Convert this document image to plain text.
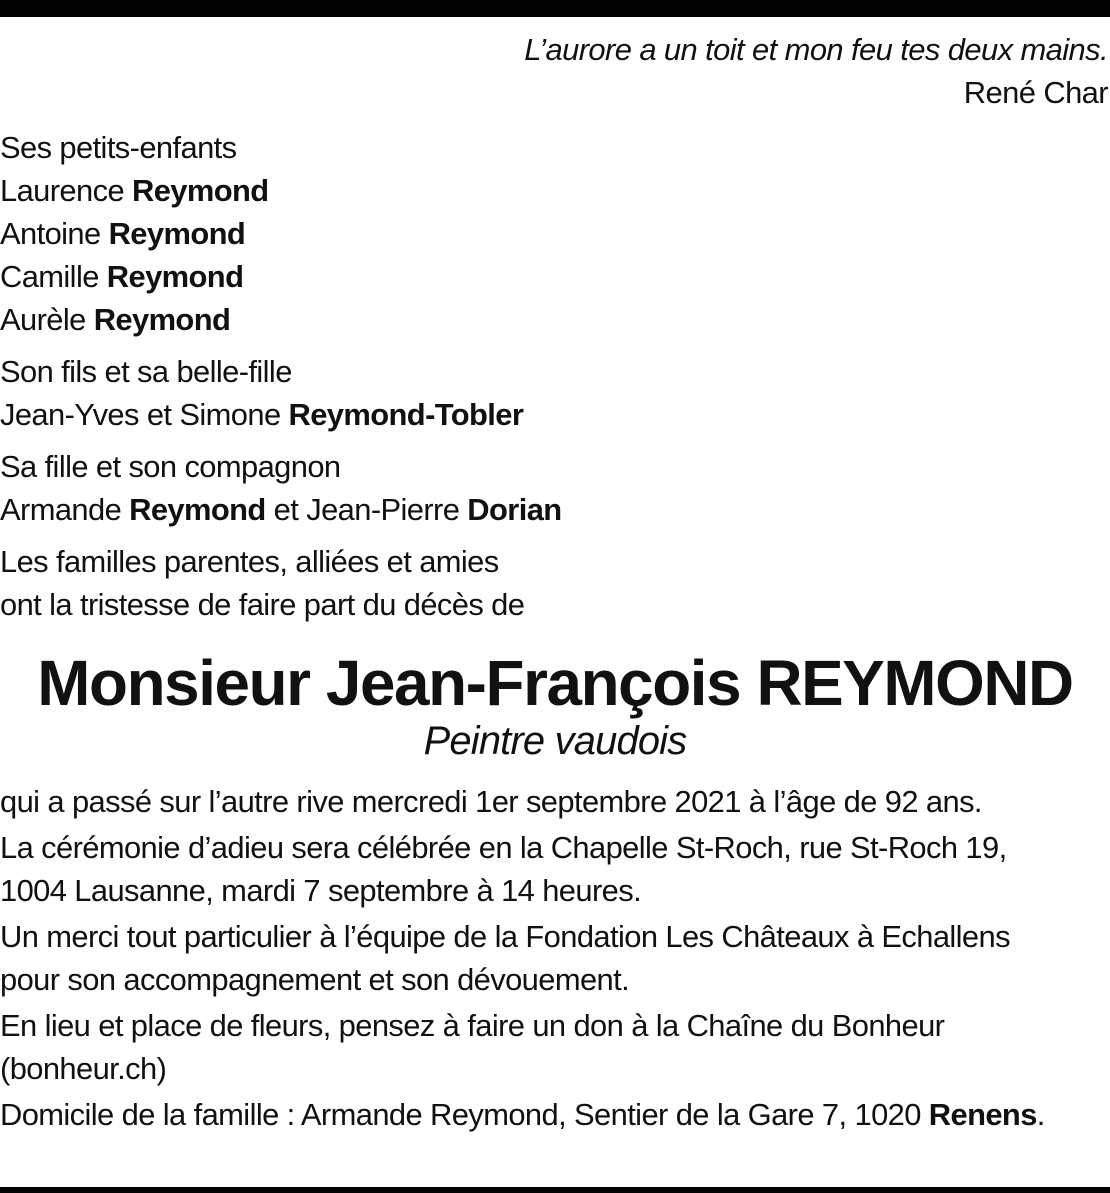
L’aurore a un toit et mon feu tes deux mains.
René Char
Ses petits-enfants
Laurence Reymond
Antoine Reymond
Camille Reymond
Aurèle Reymond
Son fils et sa belle-fille
Jean-Yves et Simone Reymond-Tobler
Sa fille et son compagnon
Armande Reymond et Jean-Pierre Dorian
Les familles parentes, alliées et amies
ont la tristesse de faire part du décès de
Monsieur Jean-François REYMOND
Peintre vaudois
qui a passé sur l’autre rive mercredi 1er septembre 2021 à l’âge de 92 ans.
La cérémonie d’adieu sera célébrée en la Chapelle St-Roch, rue St-Roch 19,
1004 Lausanne, mardi 7 septembre à 14 heures.
Un merci tout particulier à l’équipe de la Fondation Les Châteaux à Echallens
pour son accompagnement et son dévouement.
En lieu et place de fleurs, pensez à faire un don à la Chaîne du Bonheur
(bonheur.ch)
Domicile de la famille : Armande Reymond, Sentier de la Gare 7, 1020 Renens.
